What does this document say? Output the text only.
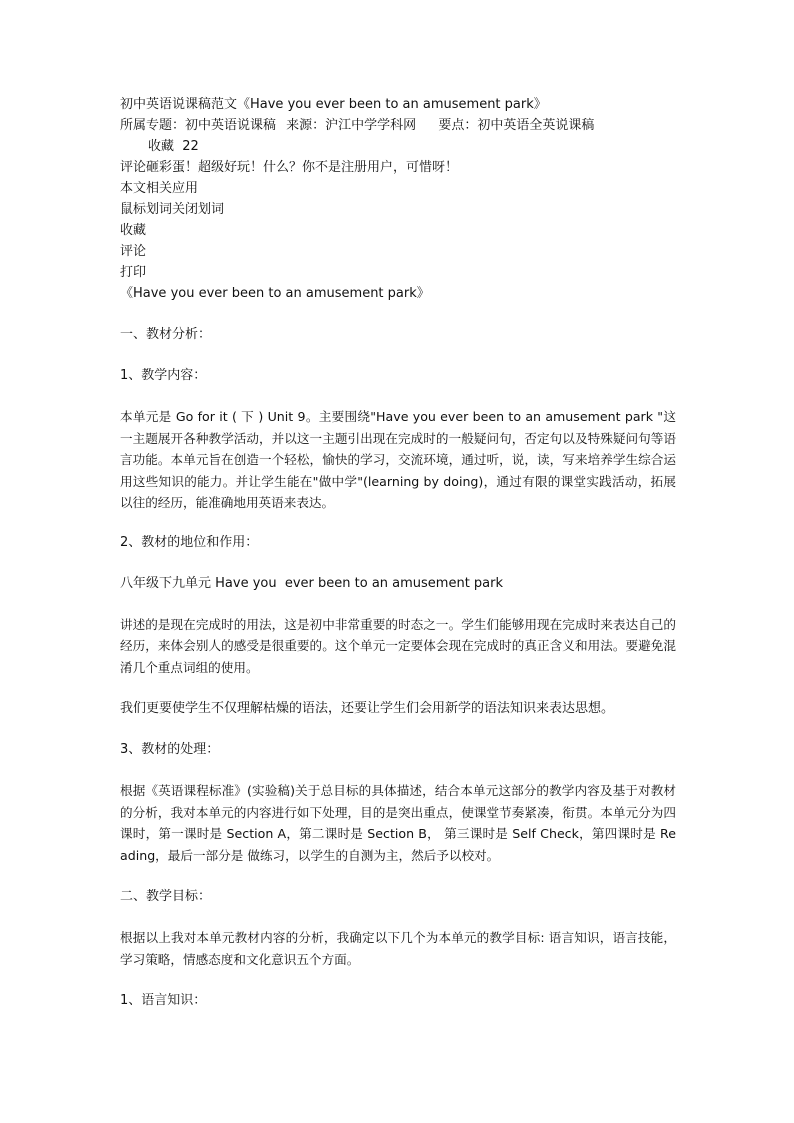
初中英语说课稿范文《Have you ever been to an amusement park》
所属专题：初中英语说课稿 来源：沪江中学学科网 要点：初中英语全英说课稿
收藏  22
评论砸彩蛋！超级好玩！什么？你不是注册用户，可惜呀！
本文相关应用
鼠标划词关闭划词
收藏
评论
打印
《Have you ever been to an amusement park》
一、教材分析：
1、教学内容：
本单元是 Go for it ( 下 ) Unit 9。主要围绕"Have you ever been to an amusement park "这一主题展开各种教学活动，并以这一主题引出现在完成时的一般疑问句，否定句以及特殊疑问句等语言功能。本单元旨在创造一个轻松，愉快的学习，交流环境，通过听，说，读，写来培养学生综合运用这些知识的能力。并让学生能在"做中学"(learning by doing)，通过有限的课堂实践活动，拓展以往的经历，能准确地用英语来表达。
2、教材的地位和作用：
八年级下九单元 Have you  ever been to an amusement park
讲述的是现在完成时的用法，这是初中非常重要的时态之一。学生们能够用现在完成时来表达自己的经历，来体会别人的感受是很重要的。这个单元一定要体会现在完成时的真正含义和用法。要避免混淆几个重点词组的使用。
我们更要使学生不仅理解枯燥的语法，还要让学生们会用新学的语法知识来表达思想。
3、教材的处理：
根据《英语课程标准》(实验稿)关于总目标的具体描述，结合本单元这部分的教学内容及基于对教材的分析，我对本单元的内容进行如下处理，目的是突出重点，使课堂节奏紧凑，衔贯。本单元分为四课时，第一课时是 Section A，第二课时是 Section B， 第三课时是 Self Check，第四课时是 Reading，最后一部分是 做练习，以学生的自测为主，然后予以校对。
二、教学目标：
根据以上我对本单元教材内容的分析，我确定以下几个为本单元的教学目标: 语言知识，语言技能，学习策略，情感态度和文化意识五个方面。
1、语言知识：
